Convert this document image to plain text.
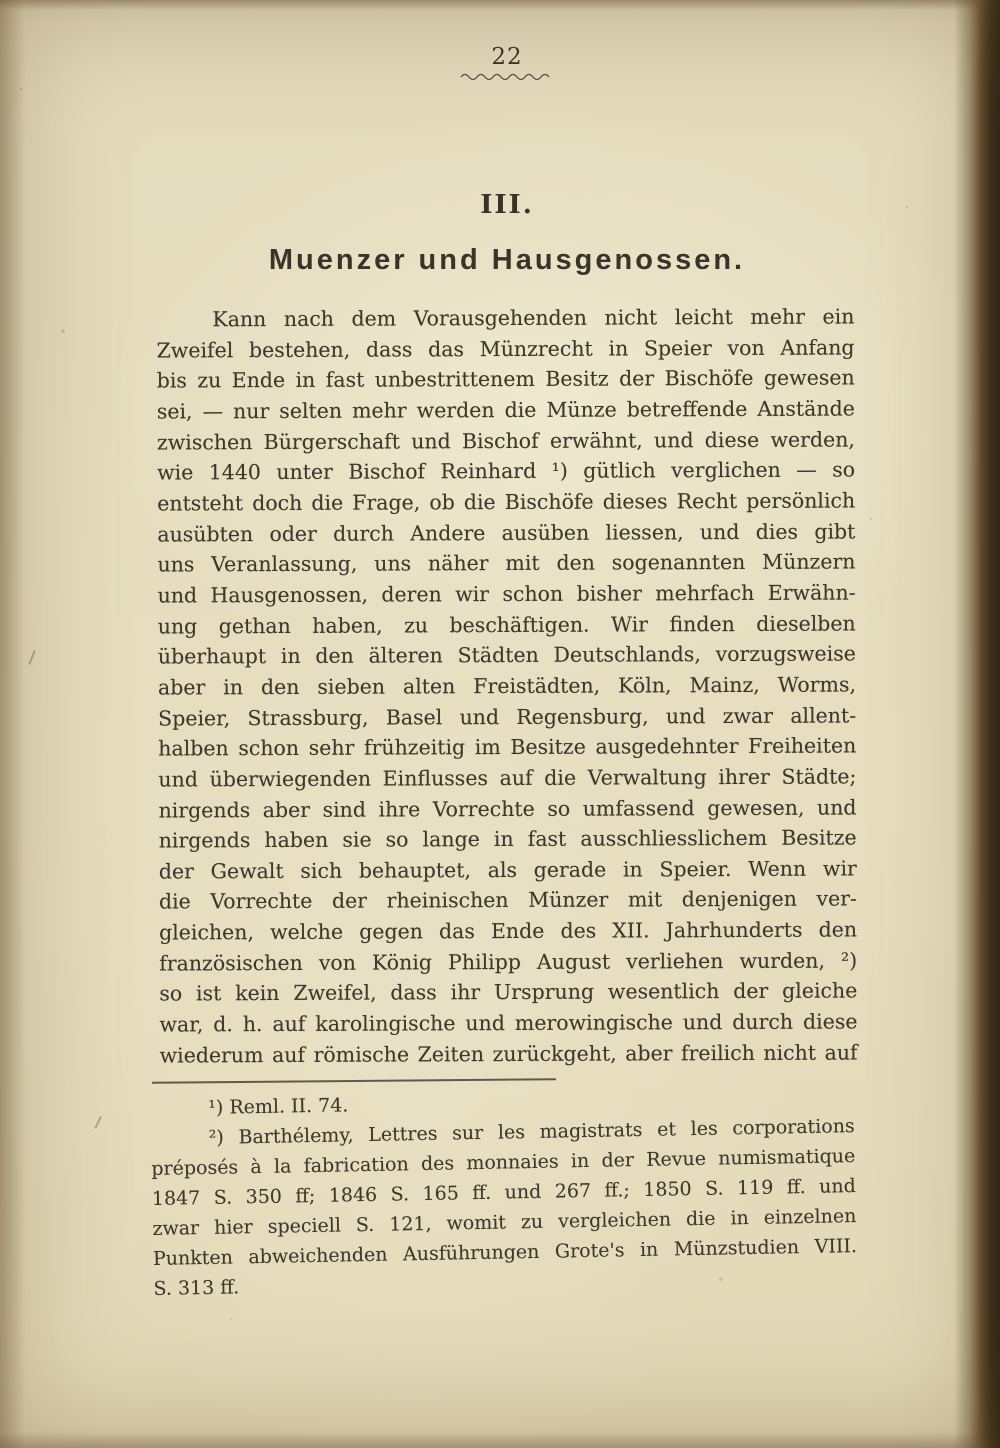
22
III.
Muenzer und Hausgenossen.
Kann nach dem Vorausgehenden nicht leicht mehr ein
Zweifel bestehen, dass das Münzrecht in Speier von Anfang
bis zu Ende in fast unbestrittenem Besitz der Bischöfe gewesen
sei, — nur selten mehr werden die Münze betreffende Anstände
zwischen Bürgerschaft und Bischof erwähnt, und diese werden,
wie 1440 unter Bischof Reinhard ¹) gütlich verglichen — so
entsteht doch die Frage, ob die Bischöfe dieses Recht persönlich
ausübten oder durch Andere ausüben liessen, und dies gibt
uns Veranlassung, uns näher mit den sogenannten Münzern
und Hausgenossen, deren wir schon bisher mehrfach Erwähn-
ung gethan haben, zu beschäftigen. Wir finden dieselben
überhaupt in den älteren Städten Deutschlands, vorzugsweise
aber in den sieben alten Freistädten, Köln, Mainz, Worms,
Speier, Strassburg, Basel und Regensburg, und zwar allent-
halben schon sehr frühzeitig im Besitze ausgedehnter Freiheiten
und überwiegenden Einflusses auf die Verwaltung ihrer Städte;
nirgends aber sind ihre Vorrechte so umfassend gewesen, und
nirgends haben sie so lange in fast ausschliesslichem Besitze
der Gewalt sich behauptet, als gerade in Speier. Wenn wir
die Vorrechte der rheinischen Münzer mit denjenigen ver-
gleichen, welche gegen das Ende des XII. Jahrhunderts den
französischen von König Philipp August verliehen wurden, ²)
so ist kein Zweifel, dass ihr Ursprung wesentlich der gleiche
war, d. h. auf karolingische und merowingische und durch diese
wiederum auf römische Zeiten zurückgeht, aber freilich nicht auf
¹) Reml. II. 74.
²) Barthélemy, Lettres sur les magistrats et les corporations
préposés à la fabrication des monnaies in der Revue numismatique
1847 S. 350 ff; 1846 S. 165 ff. und 267 ff.; 1850 S. 119 ff. und
zwar hier speciell S. 121, womit zu vergleichen die in einzelnen
Punkten abweichenden Ausführungen Grote's in Münzstudien VIII.
S. 313 ff.
